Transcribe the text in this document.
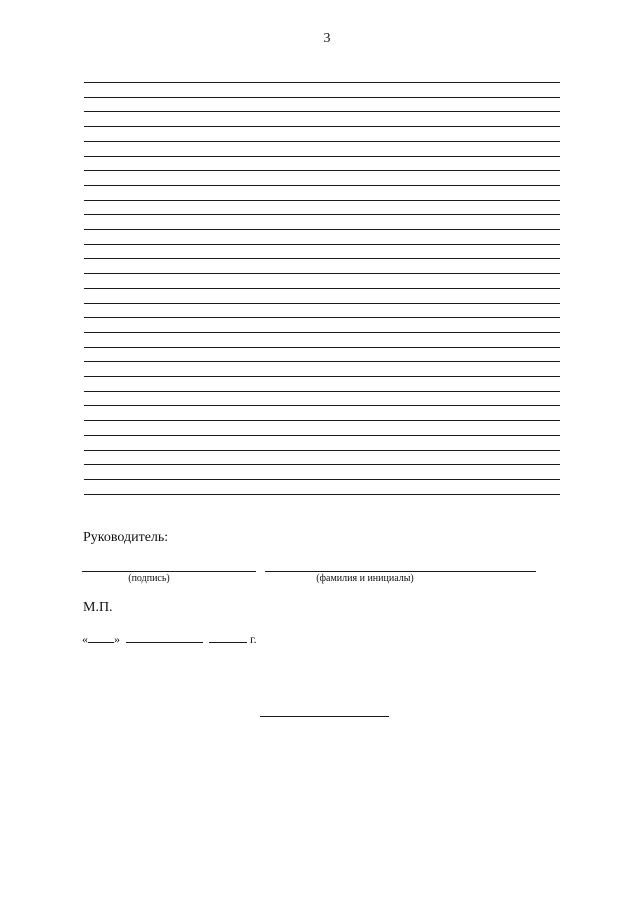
3
Руководитель:
(подпись)	(фамилия и инициалы)
М.П.
« »	г.
